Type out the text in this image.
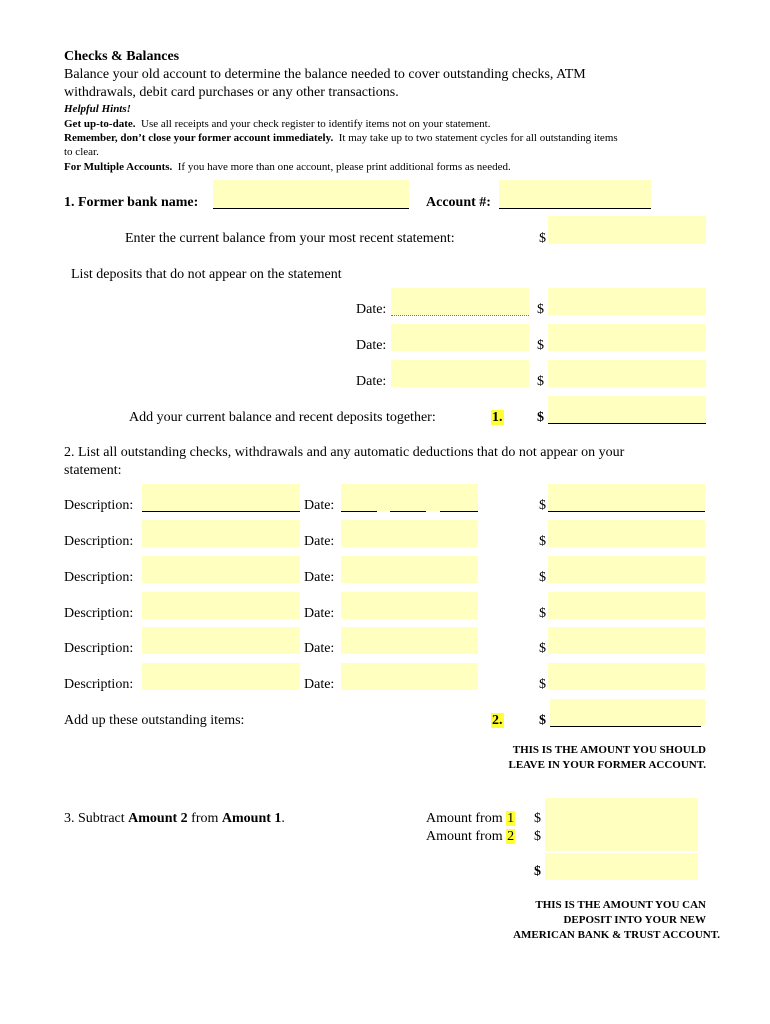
Checks & Balances
Balance your old account to determine the balance needed to cover outstanding checks, ATM
withdrawals, debit card purchases or any other transactions.
Helpful Hints!
Get up-to-date. Use all receipts and your check register to identify items not on your statement.
Remember, don’t close your former account immediately. It may take up to two statement cycles for all outstanding items
to clear.
For Multiple Accounts. If you have more than one account, please print additional forms as needed.
1. Former bank name:	Account #:
Enter the current balance from your most recent statement:	$
List deposits that do not appear on the statement
Date:	$
Date:	$
Date:	$
Add your current balance and recent deposits together:	1. $
2. List all outstanding checks, withdrawals and any automatic deductions that do not appear on your
statement:
Description:	Date:	$
Description:	Date:	$
Description:	Date:	$
Description:	Date:	$
Description:	Date:	$
Description:	Date:	$
Add up these outstanding items:	2.	$
THIS IS THE AMOUNT YOU SHOULD
LEAVE IN YOUR FORMER ACCOUNT.
3. Subtract Amount 2 from Amount 1.	Amount from 1 $
Amount from 2 $
$
THIS IS THE AMOUNT YOU CAN
DEPOSIT INTO YOUR NEW
AMERICAN BANK & TRUST ACCOUNT.
